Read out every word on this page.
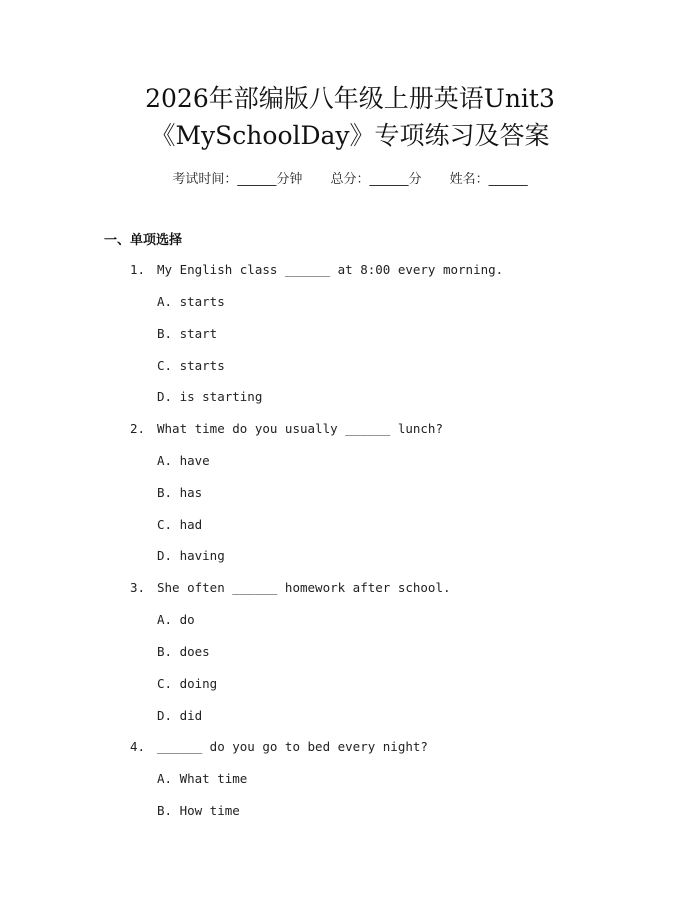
2026年部编版八年级上册英语Unit3
《MySchoolDay》专项练习及答案
考试时间：______分钟 总分：______分 姓名：______
一、单项选择
1. My English class ______ at 8:00 every morning.
A. starts
B. start
C. starts
D. is starting
2. What time do you usually ______ lunch?
A. have
B. has
C. had
D. having
3. She often ______ homework after school.
A. do
B. does
C. doing
D. did
4. ______ do you go to bed every night?
A. What time
B. How time
